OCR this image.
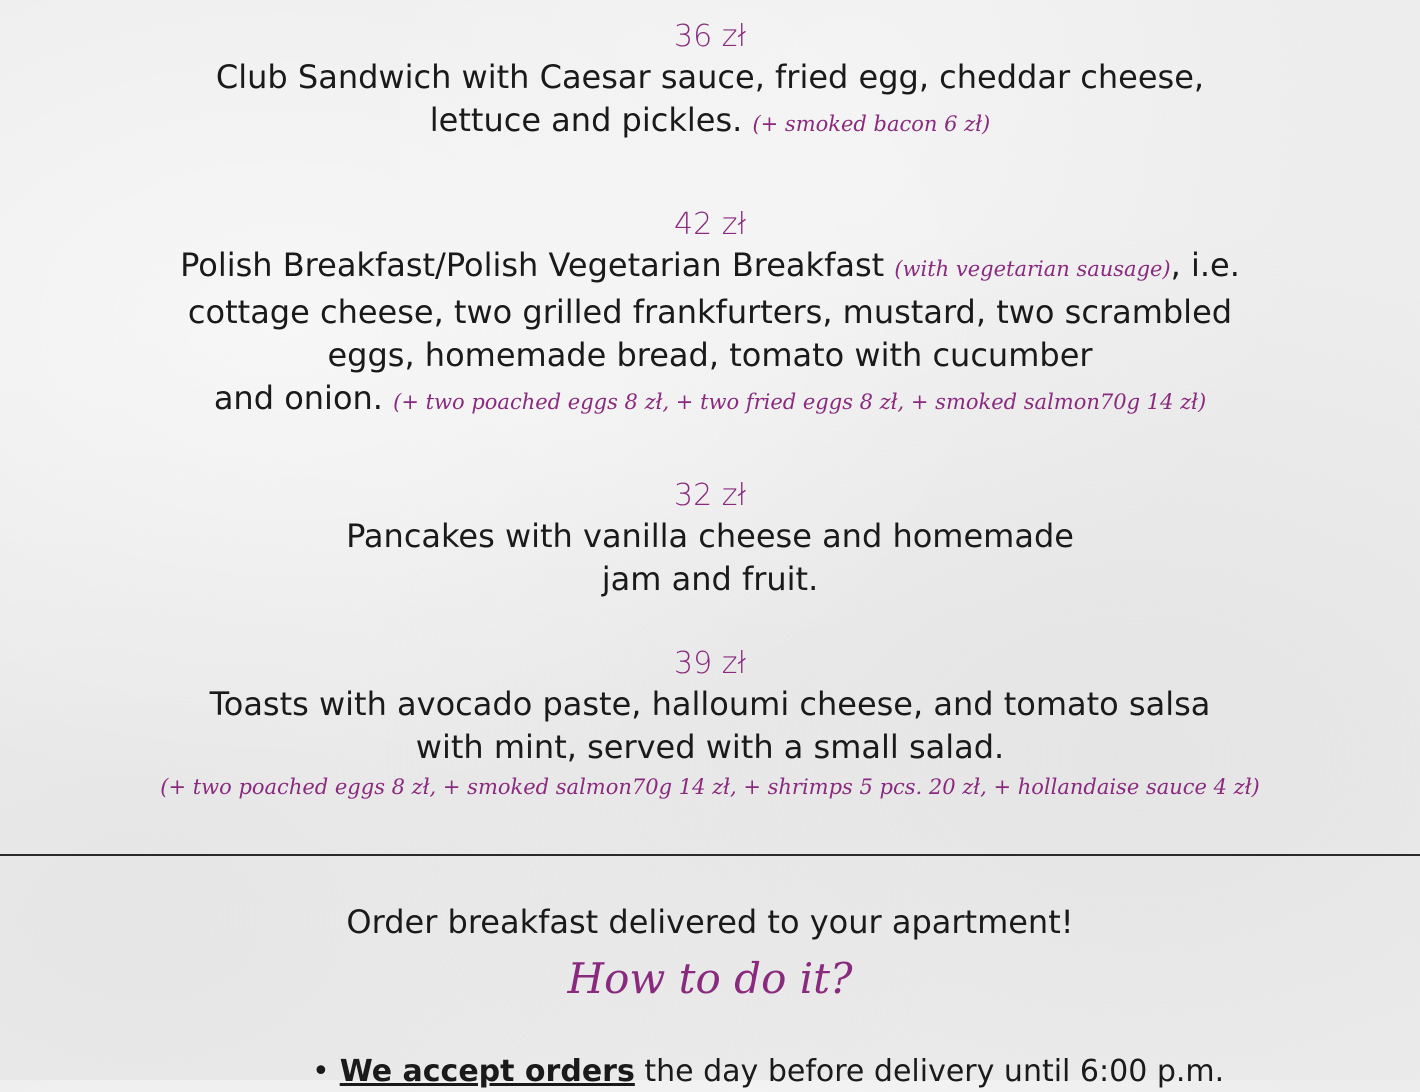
36 zł
Club Sandwich with Caesar sauce, fried egg, cheddar cheese,
lettuce and pickles. (+ smoked bacon 6 zł)
42 zł
Polish Breakfast/Polish Vegetarian Breakfast (with vegetarian sausage), i.e.
cottage cheese, two grilled frankfurters, mustard, two scrambled
eggs, homemade bread, tomato with cucumber
and onion. (+ two poached eggs 8 zł, + two fried eggs 8 zł, + smoked salmon70g 14 zł)
32 zł
Pancakes with vanilla cheese and homemade
jam and fruit.
39 zł
Toasts with avocado paste, halloumi cheese, and tomato salsa
with mint, served with a small salad.
(+ two poached eggs 8 zł, + smoked salmon70g 14 zł, + shrimps 5 pcs. 20 zł, + hollandaise sauce 4 zł)
Order breakfast delivered to your apartment!
How to do it?
• We accept orders the day before delivery until 6:00 p.m.
